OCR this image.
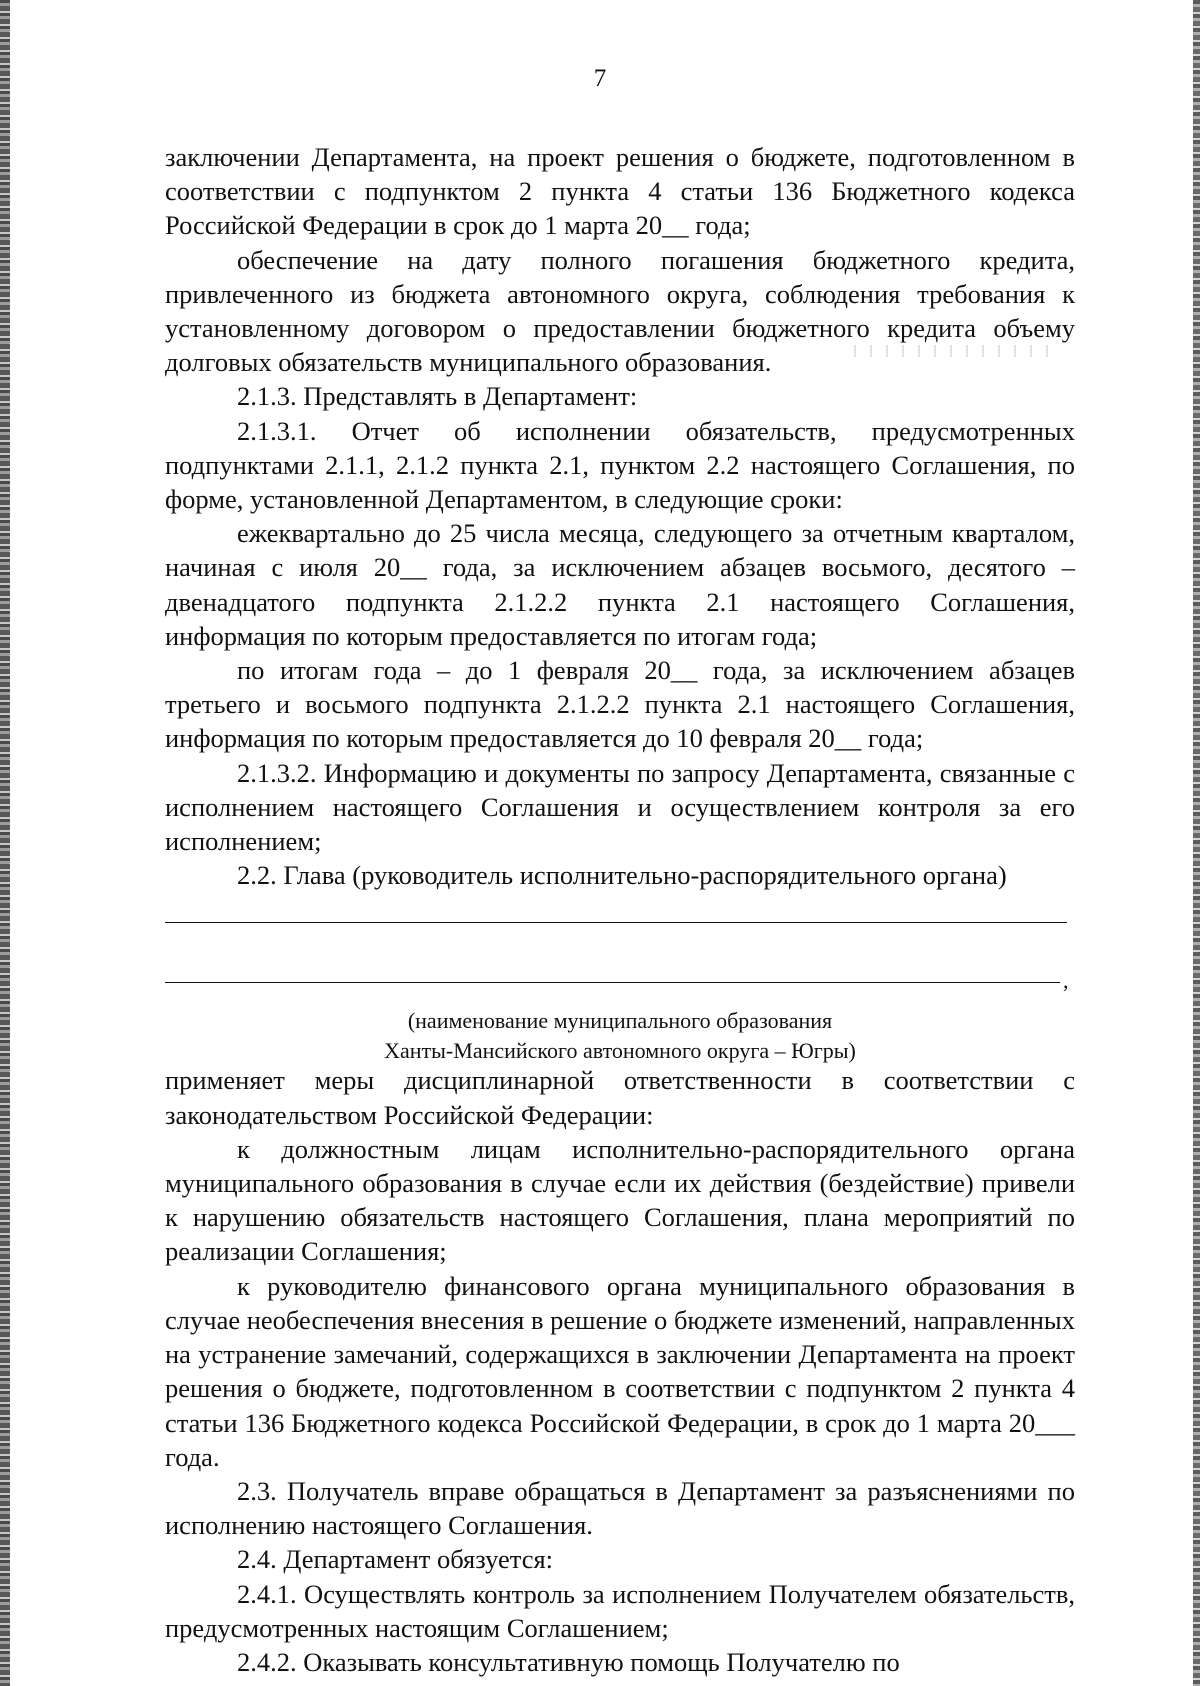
7

заключении Департамента, на проект решения о бюджете, подготовленном в соответствии с подпунктом 2 пункта 4 статьи 136 Бюджетного кодекса Российской Федерации в срок до 1 марта 20__ года;

обеспечение на дату полного погашения бюджетного кредита, привлеченного из бюджета автономного округа, соблюдения требования к установленному договором о предоставлении бюджетного кредита объему долговых обязательств муниципального образования.

2.1.3. Представлять в Департамент:

2.1.3.1. Отчет об исполнении обязательств, предусмотренных подпунктами 2.1.1, 2.1.2 пункта 2.1, пунктом 2.2 настоящего Соглашения, по форме, установленной Департаментом, в следующие сроки:

ежеквартально до 25 числа месяца, следующего за отчетным кварталом, начиная с июля 20__ года, за исключением абзацев восьмого, десятого – двенадцатого подпункта 2.1.2.2 пункта 2.1 настоящего Соглашения, информация по которым предоставляется по итогам года;

по итогам года – до 1 февраля 20__ года, за исключением абзацев третьего и восьмого подпункта 2.1.2.2 пункта 2.1 настоящего Соглашения, информация по которым предоставляется до 10 февраля 20__ года;

2.1.3.2. Информацию и документы по запросу Департамента, связанные с исполнением настоящего Соглашения и осуществлением контроля за его исполнением;

2.2. Глава (руководитель исполнительно-распорядительного органа)

,
(наименование муниципального образования
Ханты-Мансийского автономного округа – Югры)

применяет меры дисциплинарной ответственности в соответствии с законодательством Российской Федерации:

к должностным лицам исполнительно-распорядительного органа муниципального образования в случае если их действия (бездействие) привели к нарушению обязательств настоящего Соглашения, плана мероприятий по реализации Соглашения;

к руководителю финансового органа муниципального образования в случае необеспечения внесения в решение о бюджете изменений, направленных на устранение замечаний, содержащихся в заключении Департамента на проект решения о бюджете, подготовленном в соответствии с подпунктом 2 пункта 4 статьи 136 Бюджетного кодекса Российской Федерации, в срок до 1 марта 20___ года.

2.3. Получатель вправе обращаться в Департамент за разъяснениями по исполнению настоящего Соглашения.

2.4. Департамент обязуется:

2.4.1. Осуществлять контроль за исполнением Получателем обязательств, предусмотренных настоящим Соглашением;

2.4.2. Оказывать консультативную помощь Получателю по
